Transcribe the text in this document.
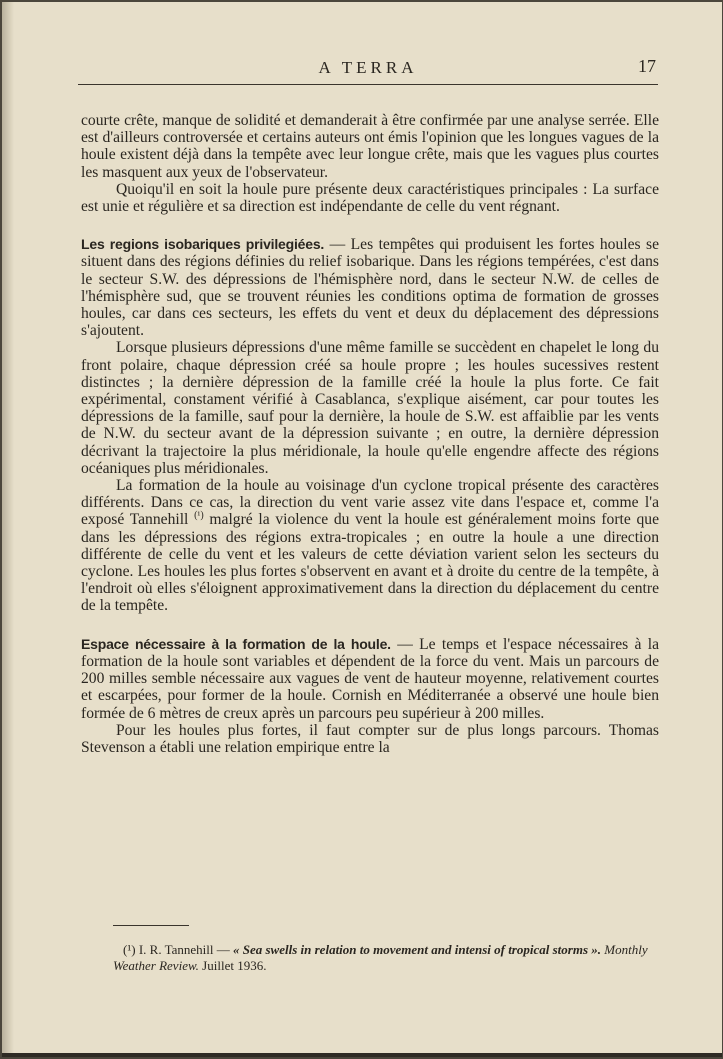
A TERRA	17

courte crête, manque de solidité et demanderait à être confirmée par une analyse serrée. Elle est d'ailleurs controversée et certains auteurs ont émis l'opinion que les longues vagues de la houle existent déjà dans la tempête avec leur longue crête, mais que les vagues plus courtes les masquent aux yeux de l'observateur.

Quoiqu'il en soit la houle pure présente deux caractéristiques principales : La surface est unie et régulière et sa direction est indépendante de celle du vent régnant.

Les regions isobariques privilegiées. — Les tempêtes qui produisent les fortes houles se situent dans des régions définies du relief isobarique. Dans les régions tempérées, c'est dans le secteur S.W. des dépressions de l'hémisphère nord, dans le secteur N.W. de celles de l'hémisphère sud, que se trouvent réunies les conditions optima de formation de grosses houles, car dans ces secteurs, les effets du vent et deux du déplacement des dépressions s'ajoutent.

Lorsque plusieurs dépressions d'une même famille se succèdent en chapelet le long du front polaire, chaque dépression créé sa houle propre ; les houles sucessives restent distinctes ; la dernière dépression de la famille créé la houle la plus forte. Ce fait expérimental, constament vérifié à Casablanca, s'explique aisément, car pour toutes les dépressions de la famille, sauf pour la dernière, la houle de S.W. est affaiblie par les vents de N.W. du secteur avant de la dépression suivante ; en outre, la dernière dépression décrivant la trajectoire la plus méridionale, la houle qu'elle engendre affecte des régions océaniques plus méridionales.

La formation de la houle au voisinage d'un cyclone tropical présente des caractères différents. Dans ce cas, la direction du vent varie assez vite dans l'espace et, comme l'a exposé Tannehill $^{(^1)}$ malgré la violence du vent la houle est généralement moins forte que dans les dépressions des régions extra-tropicales ; en outre la houle a une direction différente de celle du vent et les valeurs de cette déviation varient selon les secteurs du cyclone. Les houles les plus fortes s'observent en avant et à droite du centre de la tempête, à l'endroit où elles s'éloignent approximativement dans la direction du déplacement du centre de la tempête.

Espace nécessaire à la formation de la houle. — Le temps et l'espace nécessaires à la formation de la houle sont variables et dépendent de la force du vent. Mais un parcours de 200 milles semble nécessaire aux vagues de vent de hauteur moyenne, relativement courtes et escarpées, pour former de la houle. Cornish en Méditerranée a observé une houle bien formée de 6 mètres de creux après un parcours peu supérieur à 200 milles.

Pour les houles plus fortes, il faut compter sur de plus longs parcours. Thomas Stevenson a établi une relation empirique entre la

(¹) I. R. Tannehill — « Sea swells in relation to movement and intensi of tropical storms ». Monthly Weather Review. Juillet 1936.
